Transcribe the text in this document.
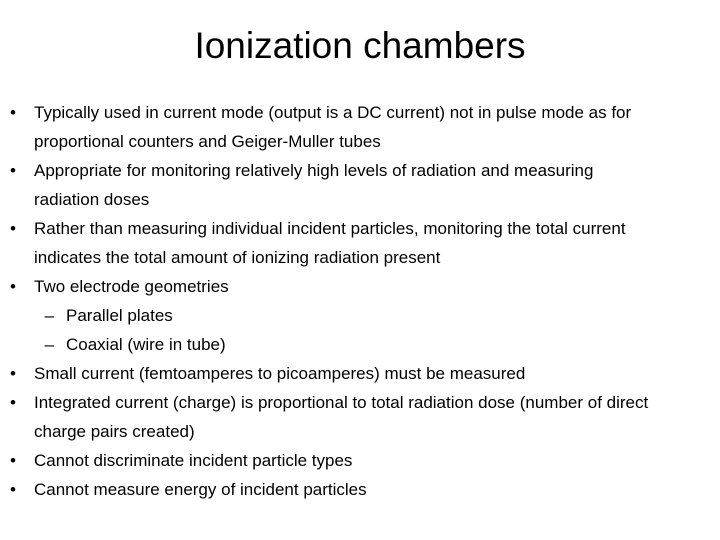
Ionization chambers
•	Typically used in current mode (output is a DC current) not in pulse mode as for
proportional counters and Geiger-Muller tubes
•	Appropriate for monitoring relatively high levels of radiation and measuring
radiation doses
•	Rather than measuring individual incident particles, monitoring the total current
indicates the total amount of ionizing radiation present
•	Two electrode geometries
– Parallel plates
– Coaxial (wire in tube)
•	Small current (femtoamperes to picoamperes) must be measured
•	Integrated current (charge) is proportional to total radiation dose (number of direct
charge pairs created)
•	Cannot discriminate incident particle types
•	Cannot measure energy of incident particles
